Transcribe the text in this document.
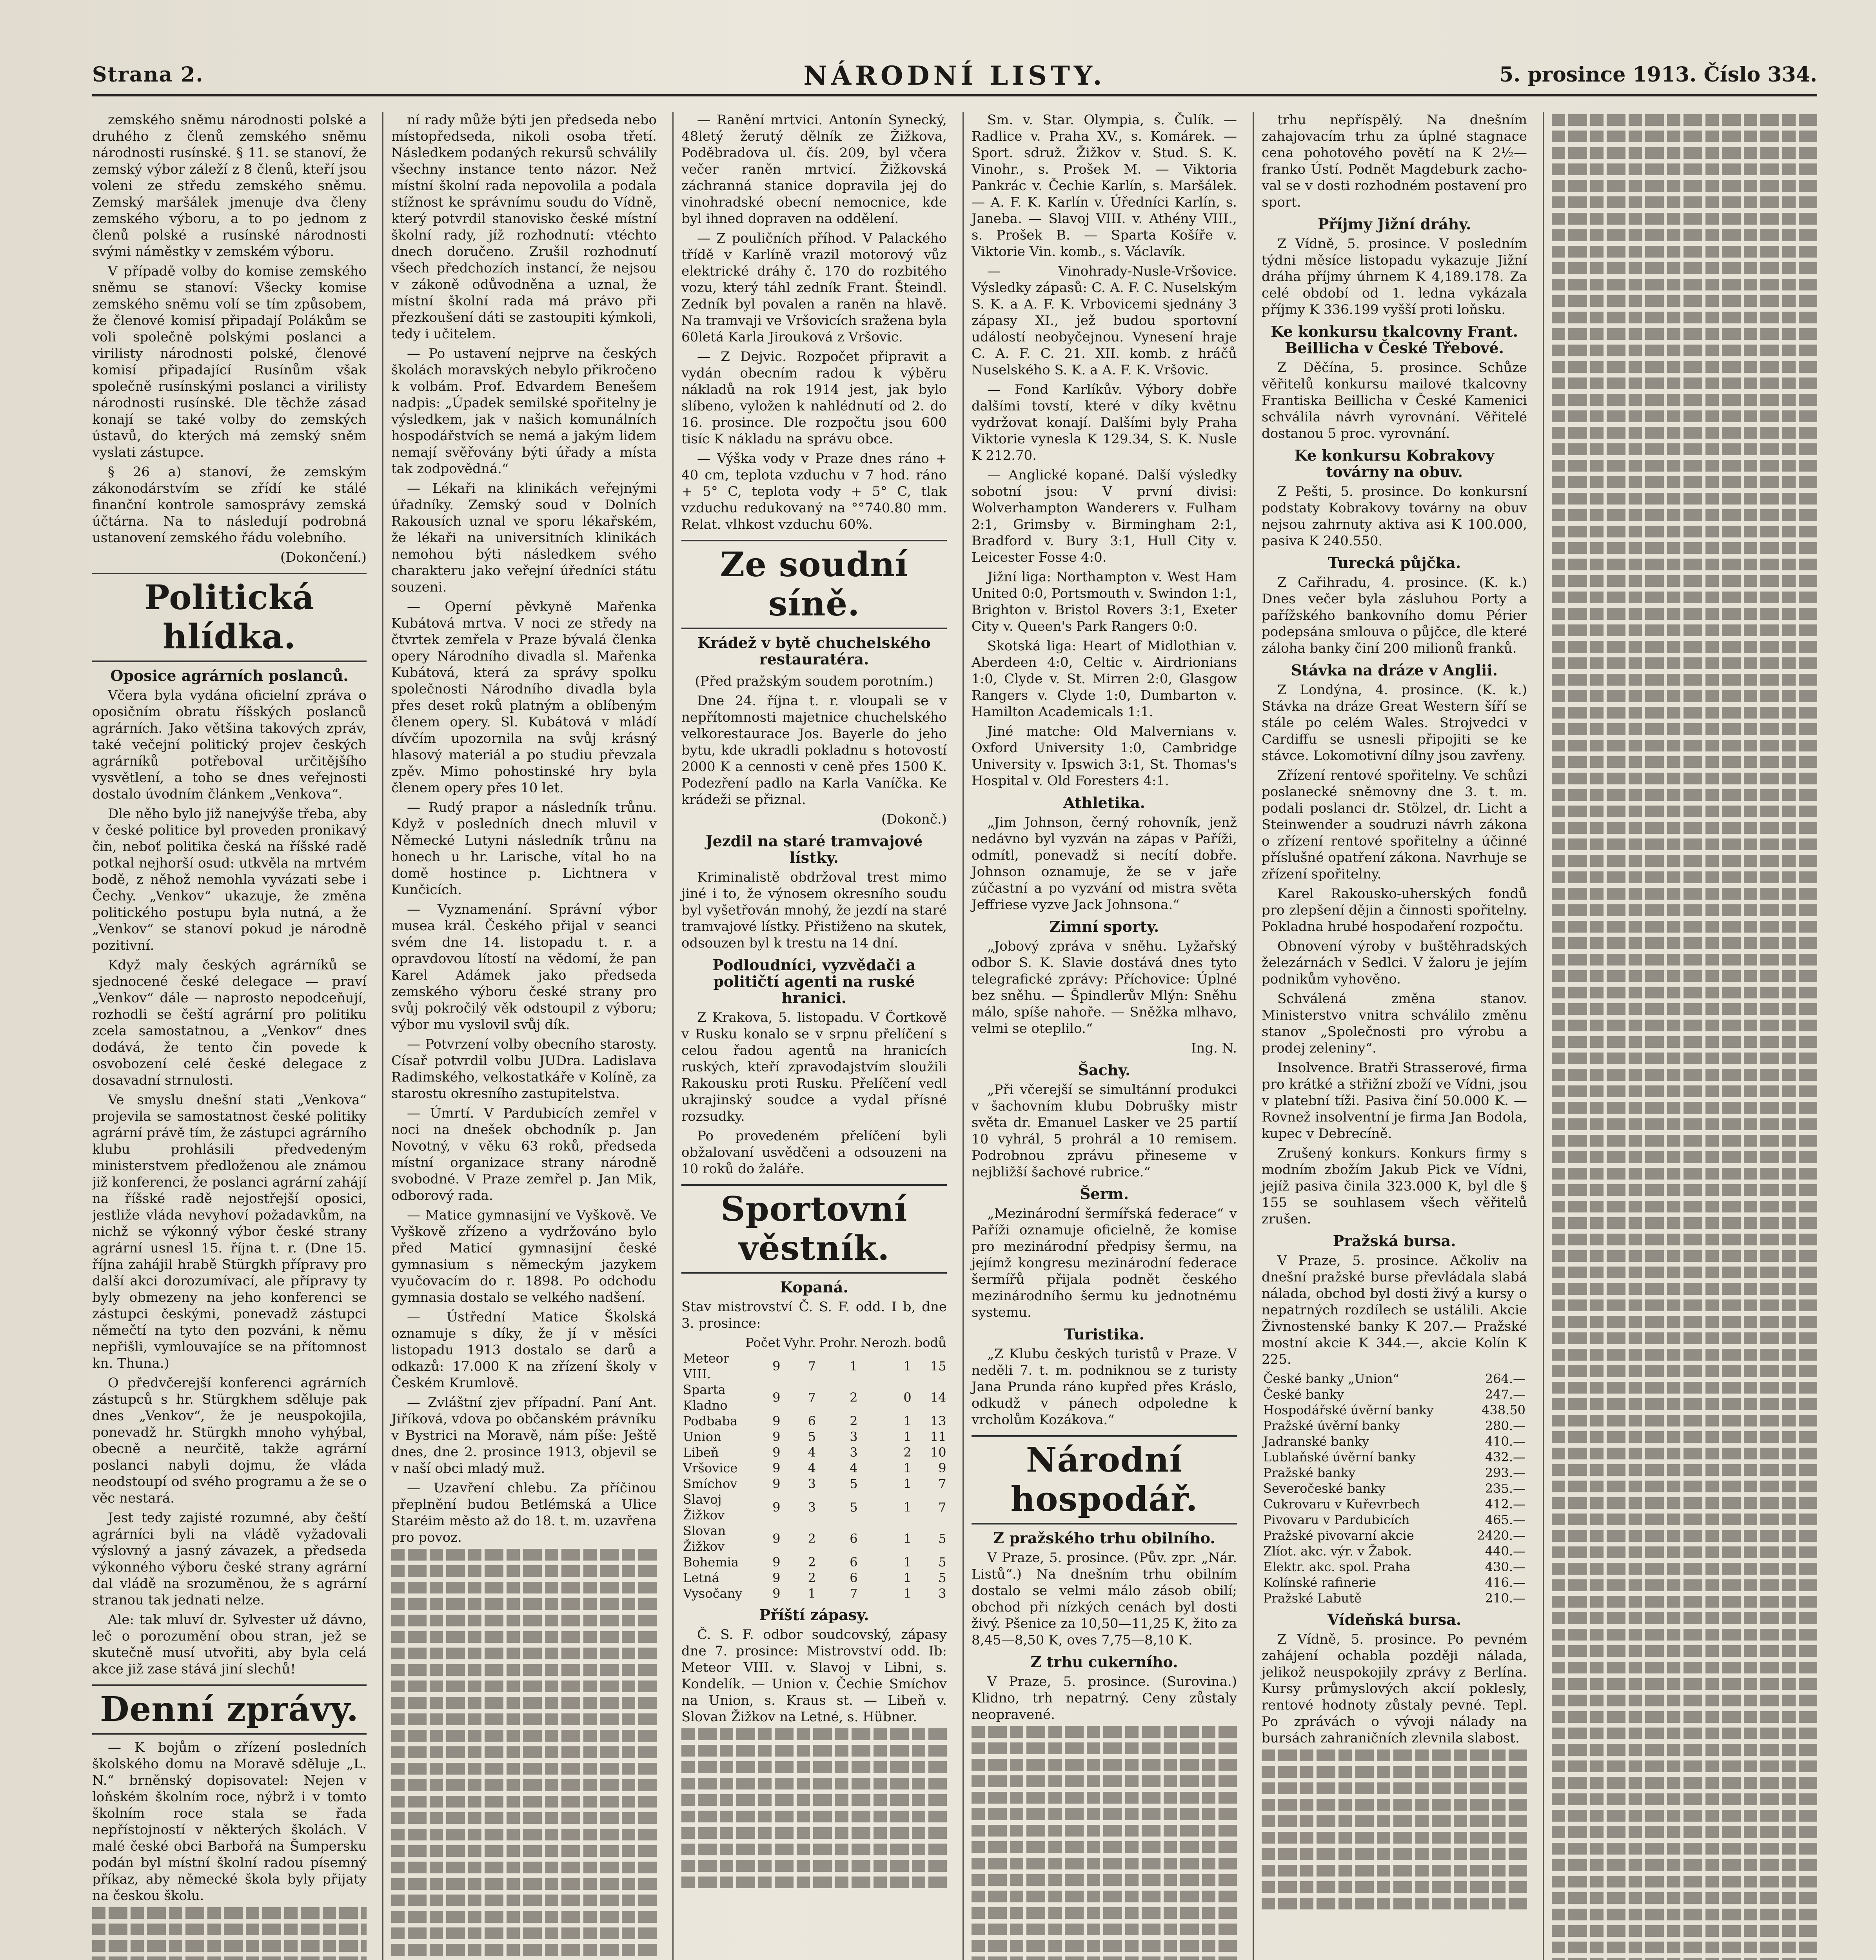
Strana 2.	NÁRODNÍ LISTY.	5. prosince 1913. Číslo 334.

zemského sněmu národnosti polské a druhého z členů zemského sněmu národnosti rusínské. § 11. se stanoví, že zemský výbor záleží z 8 členů, kteří jsou voleni ze středu zemského sněmu. Zemský maršálek jmenuje dva členy zemského výboru, a to po jednom z členů polské a rusínské národnosti svými náměstky v zemském výboru.

V případě volby do komise zemského sněmu se stanoví: Všecky komise zemského sněmu volí se tím způsobem, že členové komisí připadají Polákům se voli společně polskými poslanci a virilisty národnosti polské, členové komisí připadající Rusínům však společně rusínskými poslanci a virilisty národnosti rusínské. Dle těchže zásad konají se také volby do zemských ústavů, do kterých má zemský sněm vyslati zástupce.

§ 26 a) stanoví, že zemským zákonodárstvím se zřídí ke stálé finanční kontrole samosprávy zemská účtárna. Na to následují podrobná ustanovení zemského řádu volebního.

(Dokončení.)

Politická hlídka.
Oposice agrárních poslanců.

Včera byla vydána oficielní zpráva o oposičním obratu říšských poslanců agrárních. Jako většina takových zpráv, také večejní politický projev českých agrárníků potřeboval určitějšího vysvětlení, a toho se dnes veřejnosti dostalo úvodním článkem „Venkova“.

Dle něho bylo již nanejvýše třeba, aby v české politice byl proveden pronikavý čin, neboť politika česká na říšské radě potkal nejhorší osud: utkvěla na mrtvém bodě, z něhož nemohla vyvázati sebe i Čechy. „Venkov“ ukazuje, že změna politického postupu byla nutná, a že „Venkov“ se stanoví pokud je národně pozitivní.

Když maly českých agrárníků se sjednocené české delegace — praví „Venkov“ dále — naprosto nepodceňují, rozhodli se čeští agrární pro politiku zcela samostatnou, a „Venkov“ dnes dodává, že tento čin povede k osvobození celé české delegace z dosavadní strnulosti.

Ve smyslu dnešní stati „Venkova“ projevila se samostatnost české politiky agrární právě tím, že zástupci agrárního klubu prohlásili předvedeným ministerstvem předloženou ale známou již konferenci, že poslanci agrární zahájí na říšské radě nejostřejší oposici, jestliže vláda nevyhoví požadavkům, na nichž se výkonný výbor české strany agrární usnesl 15. října t. r. (Dne 15. října zahájil hrabě Stürgkh přípravy pro další akci dorozumívací, ale přípravy ty byly obmezeny na jeho konferenci se zástupci českými, ponevadž zástupci němečtí na tyto den pozváni, k němu nepřišli, vymlouvajíce se na přítomnost kn. Thuna.)

O předvčerejší konferenci agrárních zástupců s hr. Stürgkhem sděluje pak dnes „Venkov“, že je neuspokojila, ponevadž hr. Stürgkh mnoho vyhýbal, obecně a neurčitě, takže agrární poslanci nabyli dojmu, že vláda neodstoupí od svého programu a že se o věc nestará.

Jest tedy zajisté rozumné, aby čeští agrárníci byli na vládě vyžadovali výslovný a jasný závazek, a předseda výkonného výboru české strany agrární dal vládě na srozuměnou, že s agrární stranou tak jednati nelze.

Ale: tak mluví dr. Sylvester už dávno, leč o porozumění obou stran, jež se skutečně musí utvořiti, aby byla celá akce již zase stává jiní slechů!

Denní zprávy.

— K bojům o zřízení posledních školského domu na Moravě sděluje „L. N.“ brněnský dopisovatel: Nejen v loňském školním roce, nýbrž i v tomto školním roce stala se řada nepřístojností v některých školách. V malé české obci Barbořá na Šumpersku podán byl místní školní radou písemný příkaz, aby německé škola byly přijaty na českou školu.

ní rady může býti jen předseda nebo místopředseda, nikoli osoba třetí. Následkem podaných rekursů schválily všechny instance tento názor. Než místní školní rada nepovolila a podala stížnost ke správnímu soudu do Vídně, který potvrdil stanovisko české místní školní rady, jíž rozhodnutí: vtéchto dnech doručeno. Zrušil rozhodnutí všech předchozích instancí, že nejsou v zákoně odůvodněna a uznal, že místní školní rada má právo při přezkoušení dáti se zastoupiti kýmkoli, tedy i učitelem.

— Po ustavení nejprve na českých školách moravských nebylo přikročeno k volbám. Prof. Edvardem Benešem nadpis: „Úpadek semilské spořitelny je výsledkem, jak v našich komunálních hospodářstvích se nemá a jakým lidem nemají svěřovány býti úřady a místa tak zodpovědná.“

— Lékaři na klinikách veřejnými úřadníky. Zemský soud v Dolních Rakousích uznal ve sporu lékařském, že lékaři na universitních klinikách nemohou býti následkem svého charakteru jako veřejní úředníci státu souzeni.

— Operní pěvkyně Mařenka Kubátová mrtva. V noci ze středy na čtvrtek zemřela v Praze bývalá členka opery Národního divadla sl. Mařenka Kubátová, která za správy spolku společnosti Národního divadla byla přes deset roků platným a oblíbeným členem opery. Sl. Kubátová v mládí dívčím upozornila na svůj krásný hlasový materiál a po studiu převzala zpěv. Mimo pohostinské hry byla členem opery přes 10 let.

— Rudý prapor a následník trůnu. Když v posledních dnech mluvil v Německé Lutyni následník trůnu na honech u hr. Larische, vítal ho na domě hostince p. Lichtnera v Kunčicích.

— Vyznamenání. Správní výbor musea král. Českého přijal v seanci svém dne 14. listopadu t. r. a opravdovou lítostí na vědomí, že pan Karel Adámek jako předseda zemského výboru české strany pro svůj pokročilý věk odstoupil z výboru; výbor mu vyslovil svůj dík.

— Potvrzení volby obecního starosty. Císař potvrdil volbu JUDra. Ladislava Radimského, velkostatkáře v Kolíně, za starostu okresního zastupitelstva.

— Úmrtí. V Pardubicích zemřel v noci na dnešek obchodník p. Jan Novotný, v věku 63 roků, předseda místní organizace strany národně svobodné. V Praze zemřel p. Jan Mik, odborový rada.

— Matice gymnasijní ve Vyškově. Ve Vyškově zřízeno a vydržováno bylo před Maticí gymnasijní české gymnasium s německým jazykem vyučovacím do r. 1898. Po odchodu gymnasia dostalo se velkého nadšení.

— Ústřední Matice Školská oznamuje s díky, že jí v měsíci listopadu 1913 dostalo se darů a odkazů: 17.000 K na zřízení školy v Českém Krumlově.

— Zvláštní zjev případní. Paní Ant. Jiříková, vdova po občanském právníku v Bystrici na Moravě, nám píše: Ještě dnes, dne 2. prosince 1913, objevil se v naší obci mladý muž.

— Uzavření chlebu. Za příčinou přeplnění budou Betlémská a Ulice Staréim město až do 18. t. m. uzavřena pro povoz.

— Ranění mrtvici. Antonín Synecký, 48letý žerutý dělník ze Žižkova, Poděbradova ul. čís. 209, byl včera večer raněn mrtvicí. Žižkovská záchranná stanice dopravila jej do vinohradské obecní nemocnice, kde byl ihned dopraven na oddělení.

— Z pouličních příhod. V Palackého třídě v Karlíně vrazil motorový vůz elektrické dráhy č. 170 do rozbitého vozu, který táhl zedník Frant. Šteindl. Zedník byl povalen a raněn na hlavě. Na tramvaji ve Vršovicích sražena byla 60letá Karla Jirouková z Vršovic.

— Z Dejvic. Rozpočet připravit a vydán obecním radou k výběru nákladů na rok 1914 jest, jak bylo slíbeno, vyložen k nahlédnutí od 2. do 16. prosince. Dle rozpočtu jsou 600 tisíc K nákladu na správu obce.

— Výška vody v Praze dnes ráno + 40 cm, teplota vzduchu v 7 hod. ráno + 5° C, teplota vody + 5° C, tlak vzduchu redukovaný na °°740.80 mm. Relat. vlhkost vzduchu 60%.

Ze soudní síně.
Krádež v bytě chuchelského restauratéra.
(Před pražským soudem porotním.)

Dne 24. října t. r. vloupali se v nepřítomnosti majetnice chuchelského velkorestaurace Jos. Bayerle do jeho bytu, kde ukradli pokladnu s hotovostí 2000 K a cennosti v ceně přes 1500 K. Podezření padlo na Karla Vaníčka. Ke krádeži se přiznal.

(Dokonč.)

Jezdil na staré tramvajové lístky.

Kriminalistě obdržoval trest mimo jiné i to, že výnosem okresního soudu byl vyšetřován mnohý, že jezdí na staré tramvajové lístky. Přistiženo na skutek, odsouzen byl k trestu na 14 dní.

Podloudníci, vyzvědači a političtí agenti na ruské hranici.

Z Krakova, 5. listopadu. V Čortkově v Rusku konalo se v srpnu přelíčení s celou řadou agentů na hranicích ruských, kteří zpravodajstvím sloužili Rakousku proti Rusku. Přelíčení vedl ukrajinský soudce a vydal přísné rozsudky.

Po provedeném přelíčení byli obžalovaní usvědčeni a odsouzeni na 10 roků do žaláře.

Sportovní věstník.
Kopaná.

Stav mistrovství Č. S. F. odd. I b, dne 3. prosince:

	Počet	Vyhr.	Prohr.	Nerozh.	bodů
Meteor VIII.	9	7	1	1	15
Sparta Kladno	9	7	2	0	14
Podbaba	9	6	2	1	13
Union	9	5	3	1	11
Libeň	9	4	3	2	10
Vršovice	9	4	4	1	9
Smíchov	9	3	5	1	7
Slavoj Žižkov	9	3	5	1	7
Slovan Žižkov	9	2	6	1	5
Bohemia	9	2	6	1	5
Letná	9	2	6	1	5
Vysočany	9	1	7	1	3
Příští zápasy.

Č. S. F. odbor soudcovský, zápasy dne 7. prosince: Mistrovství odd. Ib: Meteor VIII. v. Slavoj v Libni, s. Kondelík. — Union v. Čechie Smíchov na Union, s. Kraus st. — Libeň v. Slovan Žižkov na Letné, s. Hübner.

Sm. v. Star. Olympia, s. Čulík. — Radlice v. Praha XV., s. Komárek. — Sport. sdruž. Žižkov v. Stud. S. K. Vinohr., s. Prošek M. — Viktoria Pankrác v. Čechie Karlín, s. Maršálek. — A. F. K. Karlín v. Úředníci Karlín, s. Janeba. — Slavoj VIII. v. Athény VIII., s. Prošek B. — Sparta Košíře v. Viktorie Vin. komb., s. Václavík.

— Vinohrady-Nusle-Vršovice. Výsledky zápasů: C. A. F. C. Nuselským S. K. a A. F. K. Vrbovicemi sjednány 3 zápasy XI., jež budou sportovní událostí neobyčejnou. Vynesení hraje C. A. F. C. 21. XII. komb. z hráčů Nuselského S. K. a A. F. K. Vršovic.

— Fond Karlíkův. Výbory dobře dalšími tovstí, které v díky květnu vydržovat konají. Dalšími byly Praha Viktorie vynesla K 129.34, S. K. Nusle K 212.70.

— Anglické kopané. Další výsledky sobotní jsou: V první divisi: Wolverhampton Wanderers v. Fulham 2:1, Grimsby v. Birmingham 2:1, Bradford v. Bury 3:1, Hull City v. Leicester Fosse 4:0.

Jižní liga: Northampton v. West Ham United 0:0, Portsmouth v. Swindon 1:1, Brighton v. Bristol Rovers 3:1, Exeter City v. Queen's Park Rangers 0:0.

Skotská liga: Heart of Midlothian v. Aberdeen 4:0, Celtic v. Airdrionians 1:0, Clyde v. St. Mirren 2:0, Glasgow Rangers v. Clyde 1:0, Dumbarton v. Hamilton Academicals 1:1.

Jiné matche: Old Malvernians v. Oxford University 1:0, Cambridge University v. Ipswich 3:1, St. Thomas's Hospital v. Old Foresters 4:1.

Athletika.

„Jim Johnson, černý rohovník, jenž nedávno byl vyzván na zápas v Paříži, odmítl, ponevadž si necítí dobře. Johnson oznamuje, že se v jaře zúčastní a po vyzvání od mistra světa Jeffriese vyzve Jack Johnsona.“

Zimní sporty.

„Jobový zpráva v sněhu. Lyžařský odbor S. K. Slavie dostává dnes tyto telegrafické zprávy: Příchovice: Úplné bez sněhu. — Špindlerův Mlýn: Sněhu málo, spíše nahoře. — Sněžka mlhavo, velmi se oteplilo.“

Ing. N.

Šachy.

„Při včerejší se simultánní produkci v šachovním klubu Dobrušky mistr světa dr. Emanuel Lasker ve 25 partií 10 vyhrál, 5 prohrál a 10 remisem. Podrobnou zprávu přineseme v nejbližší šachové rubrice.“

Šerm.

„Mezinárodní šermířská federace“ v Paříži oznamuje oficielně, že komise pro mezinárodní předpisy šermu, na jejímž kongresu mezinárodní federace šermířů přijala podnět českého mezinárodního šermu ku jednotnému systemu.

Turistika.

„Z Klubu českých turistů v Praze. V neděli 7. t. m. podniknou se z turisty Jana Prunda ráno kupřed přes Kráslo, odkudž v pánech odpoledne k vrcholům Kozákova.“

Národní hospodář.
Z pražského trhu obilního.

V Praze, 5. prosince. (Pův. zpr. „Nár. Listů“.) Na dnešním trhu obilním dostalo se velmi málo zásob obilí; obchod při nízkých cenách byl dosti živý. Pšenice za 10,50—11,25 K, žito za 8,45—8,50 K, oves 7,75—8,10 K.

Z trhu cukerního.

V Praze, 5. prosince. (Surovina.) Klidno, trh nepatrný. Ceny zůstaly neopravené.

trhu nepříspělý. Na dnešním zahajovacím trhu za úplné stagnace cena pohotového povětí na K 2¹⁄₂— franko Ústí. Podnět Magdeburk zachoval se v dosti rozhodném postavení pro sport.

Příjmy Jižní dráhy.

Z Vídně, 5. prosince. V posledním týdni měsíce listopadu vykazuje Jižní dráha příjmy úhrnem K 4,189.178. Za celé období od 1. ledna vykázala příjmy K 336.199 vyšší proti loňsku.

Ke konkursu tkalcovny Frant. Beillicha v České Třebové.

Z Děčína, 5. prosince. Schůze věřitelů konkursu mailové tkalcovny Frantiska Beillicha v České Kamenici schválila návrh vyrovnání. Věřitelé dostanou 5 proc. vyrovnání.

Ke konkursu Kobrakovy továrny na obuv.

Z Pešti, 5. prosince. Do konkursní podstaty Kobrakovy továrny na obuv nejsou zahrnuty aktiva asi K 100.000, pasiva K 240.550.

Turecká půjčka.

Z Cařihradu, 4. prosince. (K. k.) Dnes večer byla zásluhou Porty a pařížského bankovního domu Périer podepsána smlouva o půjčce, dle které záloha banky činí 200 milionů franků.

Stávka na dráze v Anglii.

Z Londýna, 4. prosince. (K. k.) Stávka na dráze Great Western šíří se stále po celém Wales. Strojvedci v Cardiffu se usnesli připojiti se ke stávce. Lokomotivní dílny jsou zavřeny.

Zřízení rentové spořitelny. Ve schůzi poslanecké sněmovny dne 3. t. m. podali poslanci dr. Stölzel, dr. Licht a Steinwender a soudruzi návrh zákona o zřízení rentové spořitelny a účinné příslušné opatření zákona. Navrhuje se zřízení spořitelny.

Karel Rakousko-uherských fondů pro zlepšení dějin a činnosti spořitelny. Pokladna hrubé hospodaření rozpočtu.

Obnovení výroby v buštěhradských železárnách v Sedlci. V žaloru je jejím podnikům vyhověno.

Schválená změna stanov. Ministerstvo vnitra schválilo změnu stanov „Společnosti pro výrobu a prodej zeleniny“.

Insolvence. Bratři Strasserové, firma pro krátké a střižní zboží ve Vídni, jsou v platební tíži. Pasiva činí 50.000 K. — Rovnež insolventní je firma Jan Bodola, kupec v Debrecíně.

Zrušený konkurs. Konkurs firmy s modním zbožím Jakub Pick ve Vídni, jejíž pasiva činila 323.000 K, byl dle § 155 se souhlasem všech věřitelů zrušen.

Pražská bursa.

V Praze, 5. prosince. Ačkoliv na dnešní pražské burse převládala slabá nálada, obchod byl dosti živý a kursy o nepatrných rozdílech se ustálili. Akcie Živnostenské banky K 207.— Pražské mostní akcie K 344.—, akcie Kolín K 225.

České banky „Union“	264.—
České banky	247.—
Hospodářské úvěrní banky	438.50
Pražské úvěrní banky	280.—
Jadranské banky	410.—
Lublaňské úvěrní banky	432.—
Pražské banky	293.—
Severočeské banky	235.—
Cukrovaru v Kuřevrbech	412.—
Pivovaru v Pardubicích	465.—
Pražské pivovarní akcie	2420.—
Zlíot. akc. výr. v Žabok.	440.—
Elektr. akc. spol. Praha	430.—
Kolínské rafinerie	416.—
Pražské Labutě	210.—
Vídeňská bursa.

Z Vídně, 5. prosince. Po pevném zahájení ochabla později nálada, jelikož neuspokojily zprávy z Berlína. Kursy průmyslových akcií poklesly, rentové hodnoty zůstaly pevné. Tepl. Po zprávách o vývoji nálady na bursách zahraničních zlevnila slabost.
